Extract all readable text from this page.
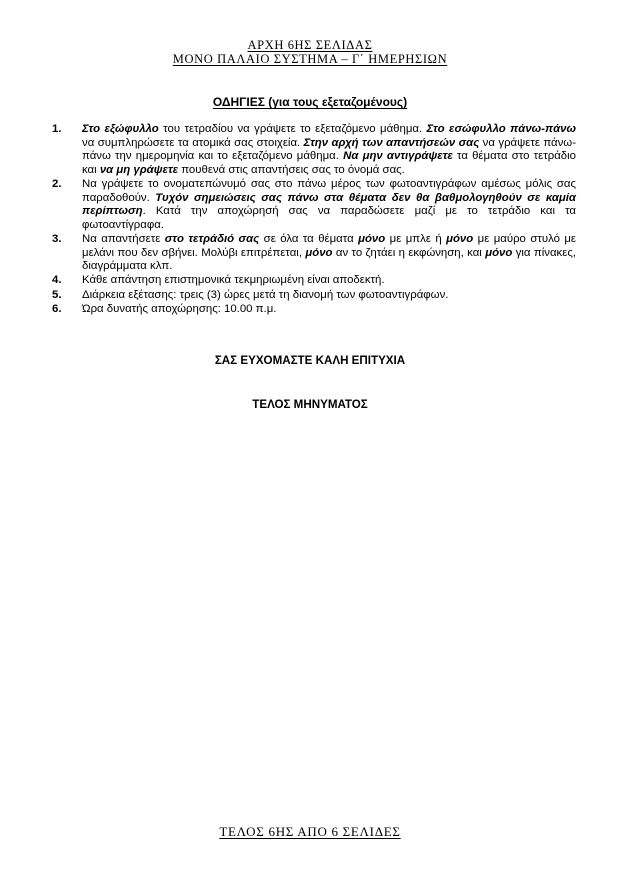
ΑΡΧΗ 6ΗΣ ΣΕΛΙΔΑΣ
ΜΟΝΟ ΠΑΛΑΙΟ ΣΥΣΤΗΜΑ – Γ΄ ΗΜΕΡΗΣΙΩΝ
ΟΔΗΓΙΕΣ (για τους εξεταζομένους)
1. Στο εξώφυλλο του τετραδίου να γράψετε το εξεταζόμενο μάθημα. Στο εσώφυλλο πάνω-πάνω να συμπληρώσετε τα ατομικά σας στοιχεία. Στην αρχή των απαντήσεών σας να γράψετε πάνω-πάνω την ημερομηνία και το εξεταζόμενο μάθημα. Να μην αντιγράψετε τα θέματα στο τετράδιο και να μη γράψετε πουθενά στις απαντήσεις σας το όνομά σας.
2. Να γράψετε το ονοματεπώνυμό σας στο πάνω μέρος των φωτοαντιγράφων αμέσως μόλις σας παραδοθούν. Τυχόν σημειώσεις σας πάνω στα θέματα δεν θα βαθμολογηθούν σε καμία περίπτωση. Κατά την αποχώρησή σας να παραδώσετε μαζί με το τετράδιο και τα φωτοαντίγραφα.
3. Να απαντήσετε στο τετράδιό σας σε όλα τα θέματα μόνο με μπλε ή μόνο με μαύρο στυλό με μελάνι που δεν σβήνει. Μολύβι επιτρέπεται, μόνο αν το ζητάει η εκφώνηση, και μόνο για πίνακες, διαγράμματα κλπ.
4. Κάθε απάντηση επιστημονικά τεκμηριωμένη είναι αποδεκτή.
5. Διάρκεια εξέτασης: τρεις (3) ώρες μετά τη διανομή των φωτοαντιγράφων.
6. Ώρα δυνατής αποχώρησης: 10.00 π.μ.
ΣΑΣ ΕΥΧΟΜΑΣΤΕ ΚΑΛΗ ΕΠΙΤΥΧΙΑ
ΤΕΛΟΣ ΜΗΝΥΜΑΤΟΣ
ΤΕΛΟΣ 6ΗΣ ΑΠΟ 6 ΣΕΛΙΔΕΣ
